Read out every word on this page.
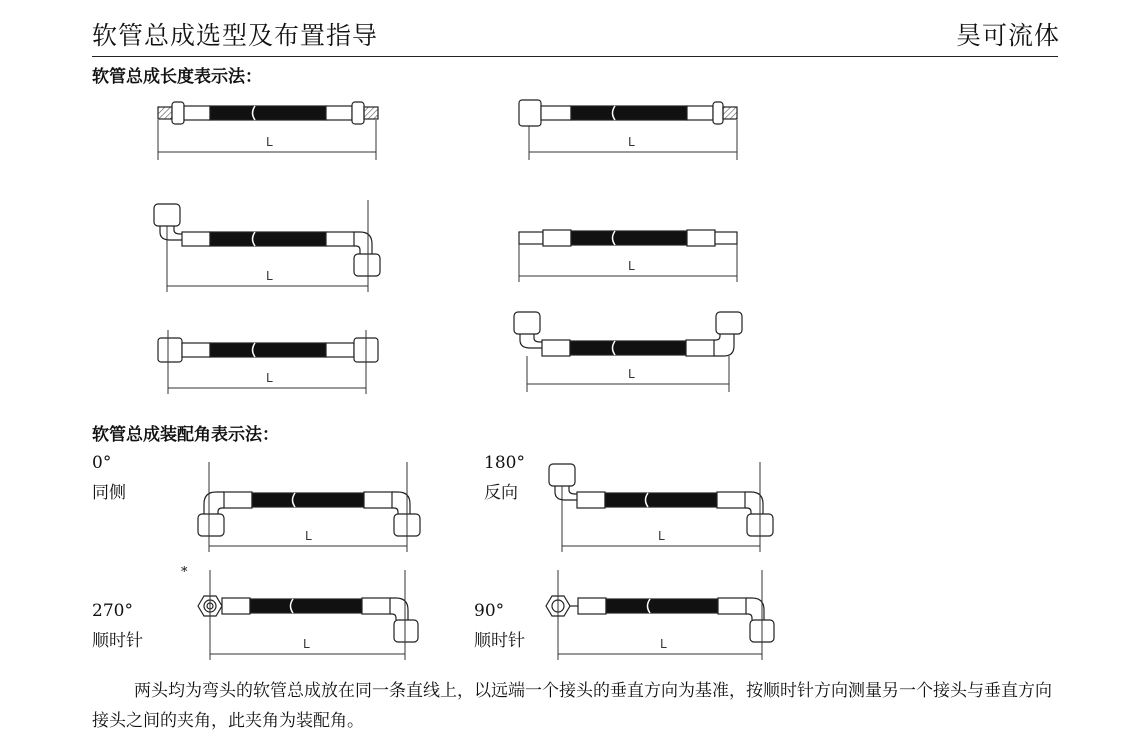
软管总成选型及布置指导	昊可流体
软管总成长度表示法：
软管总成装配角表示法：
0°
同侧
180°
反向
270°
顺时针
90°
顺时针
*
两头均为弯头的软管总成放在同一条直线上，以远端一个接头的垂直方向为基准，按顺时针方向测量另一个接头与垂直方向接头之间的夹角，此夹角为装配角。
L	L
L
L
L	L
L	L
L	L
